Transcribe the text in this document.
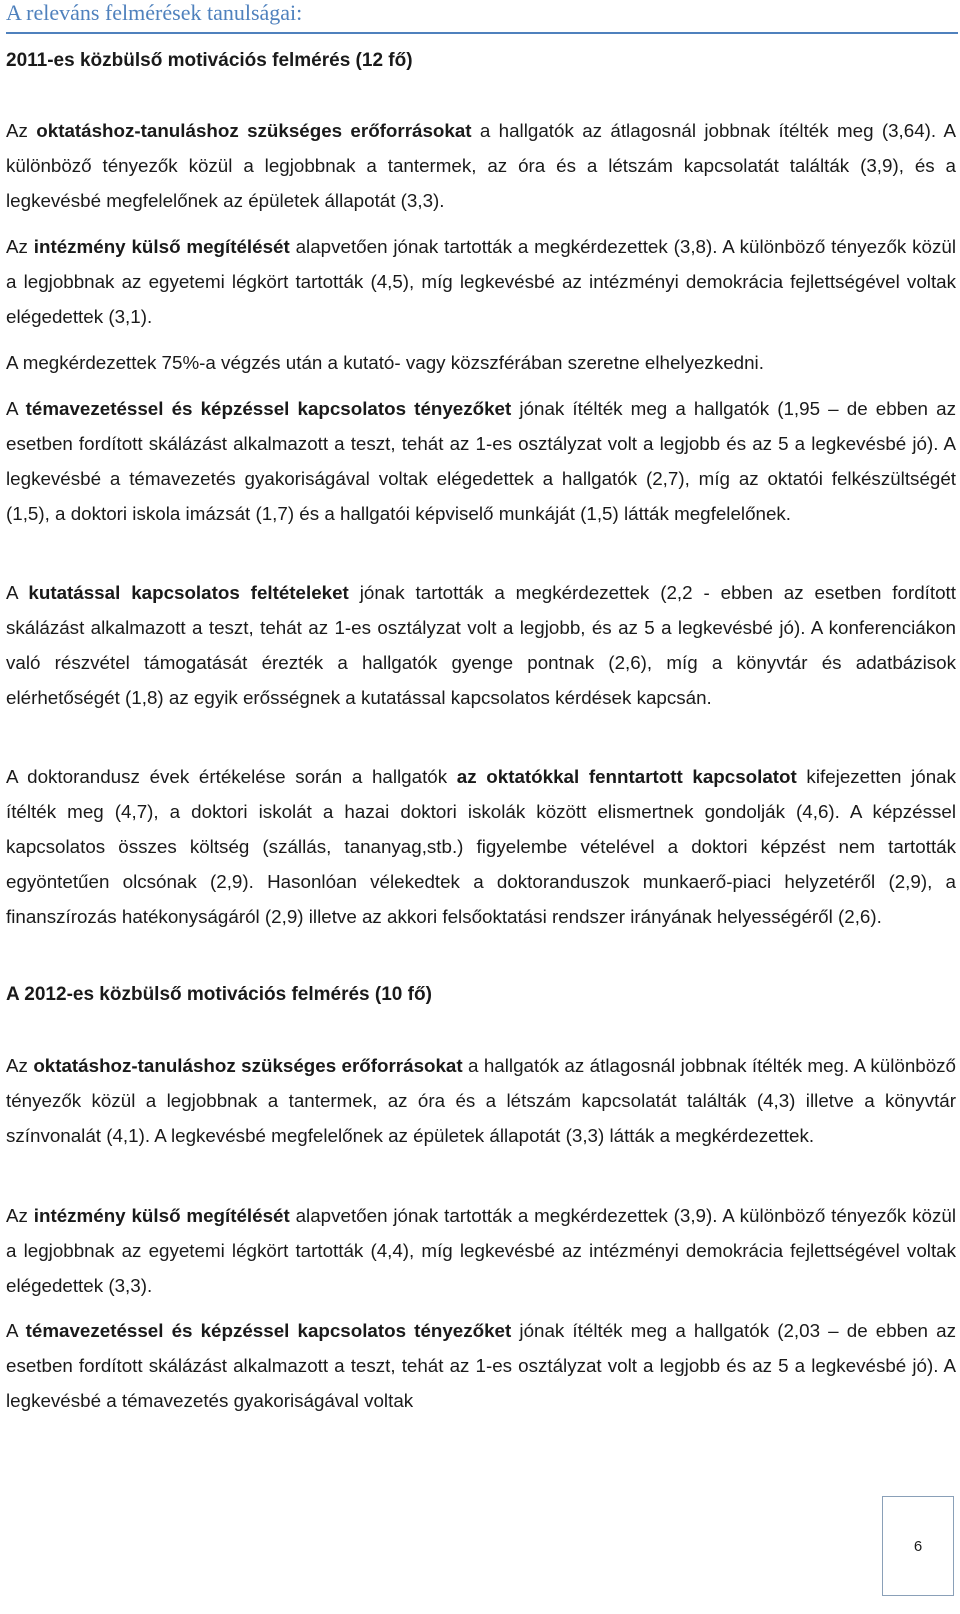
A releváns felmérések tanulságai:
2011-es közbülső motivációs felmérés (12 fő)
Az oktatáshoz-tanuláshoz szükséges erőforrásokat a hallgatók az átlagosnál jobbnak ítélték meg (3,64). A különböző tényezők közül a legjobbnak a tantermek, az óra és a létszám kapcsolatát találták (3,9), és a legkevésbé megfelelőnek az épületek állapotát (3,3).
Az intézmény külső megítélését alapvetően jónak tartották a megkérdezettek (3,8). A különböző tényezők közül a legjobbnak az egyetemi légkört tartották (4,5), míg legkevésbé az intézményi demokrácia fejlettségével voltak elégedettek (3,1).
A megkérdezettek 75%-a végzés után a kutató- vagy közszférában szeretne elhelyezkedni.
A témavezetéssel és képzéssel kapcsolatos tényezőket jónak ítélték meg a hallgatók (1,95 – de ebben az esetben fordított skálázást alkalmazott a teszt, tehát az 1-es osztályzat volt a legjobb és az 5 a legkevésbé jó). A legkevésbé a témavezetés gyakoriságával voltak elégedettek a hallgatók (2,7), míg az oktatói felkészültségét (1,5), a doktori iskola imázsát (1,7) és a hallgatói képviselő munkáját (1,5) látták megfelelőnek.
A kutatással kapcsolatos feltételeket jónak tartották a megkérdezettek (2,2 - ebben az esetben fordított skálázást alkalmazott a teszt, tehát az 1-es osztályzat volt a legjobb, és az 5 a legkevésbé jó). A konferenciákon való részvétel támogatását érezték a hallgatók gyenge pontnak (2,6), míg a könyvtár és adatbázisok elérhetőségét (1,8) az egyik erősségnek a kutatással kapcsolatos kérdések kapcsán.
A doktorandusz évek értékelése során a hallgatók az oktatókkal fenntartott kapcsolatot kifejezetten jónak ítélték meg (4,7), a doktori iskolát a hazai doktori iskolák között elismertnek gondolják (4,6). A képzéssel kapcsolatos összes költség (szállás, tananyag,stb.) figyelembe vételével a doktori képzést nem tartották egyöntetűen olcsónak (2,9). Hasonlóan vélekedtek a doktoranduszok munkaerő-piaci helyzetéről (2,9), a finanszírozás hatékonyságáról (2,9) illetve az akkori felsőoktatási rendszer irányának helyességéről (2,6).
A 2012-es közbülső motivációs felmérés (10 fő)
Az oktatáshoz-tanuláshoz szükséges erőforrásokat a hallgatók az átlagosnál jobbnak ítélték meg. A különböző tényezők közül a legjobbnak a tantermek, az óra és a létszám kapcsolatát találták (4,3) illetve a könyvtár színvonalát (4,1). A legkevésbé megfelelőnek az épületek állapotát (3,3) látták a megkérdezettek.
Az intézmény külső megítélését alapvetően jónak tartották a megkérdezettek (3,9). A különböző tényezők közül a legjobbnak az egyetemi légkört tartották (4,4), míg legkevésbé az intézményi demokrácia fejlettségével voltak elégedettek (3,3).
A témavezetéssel és képzéssel kapcsolatos tényezőket jónak ítélték meg a hallgatók (2,03 – de ebben az esetben fordított skálázást alkalmazott a teszt, tehát az 1-es osztályzat volt a legjobb és az 5 a legkevésbé jó). A legkevésbé a témavezetés gyakoriságával voltak
6
